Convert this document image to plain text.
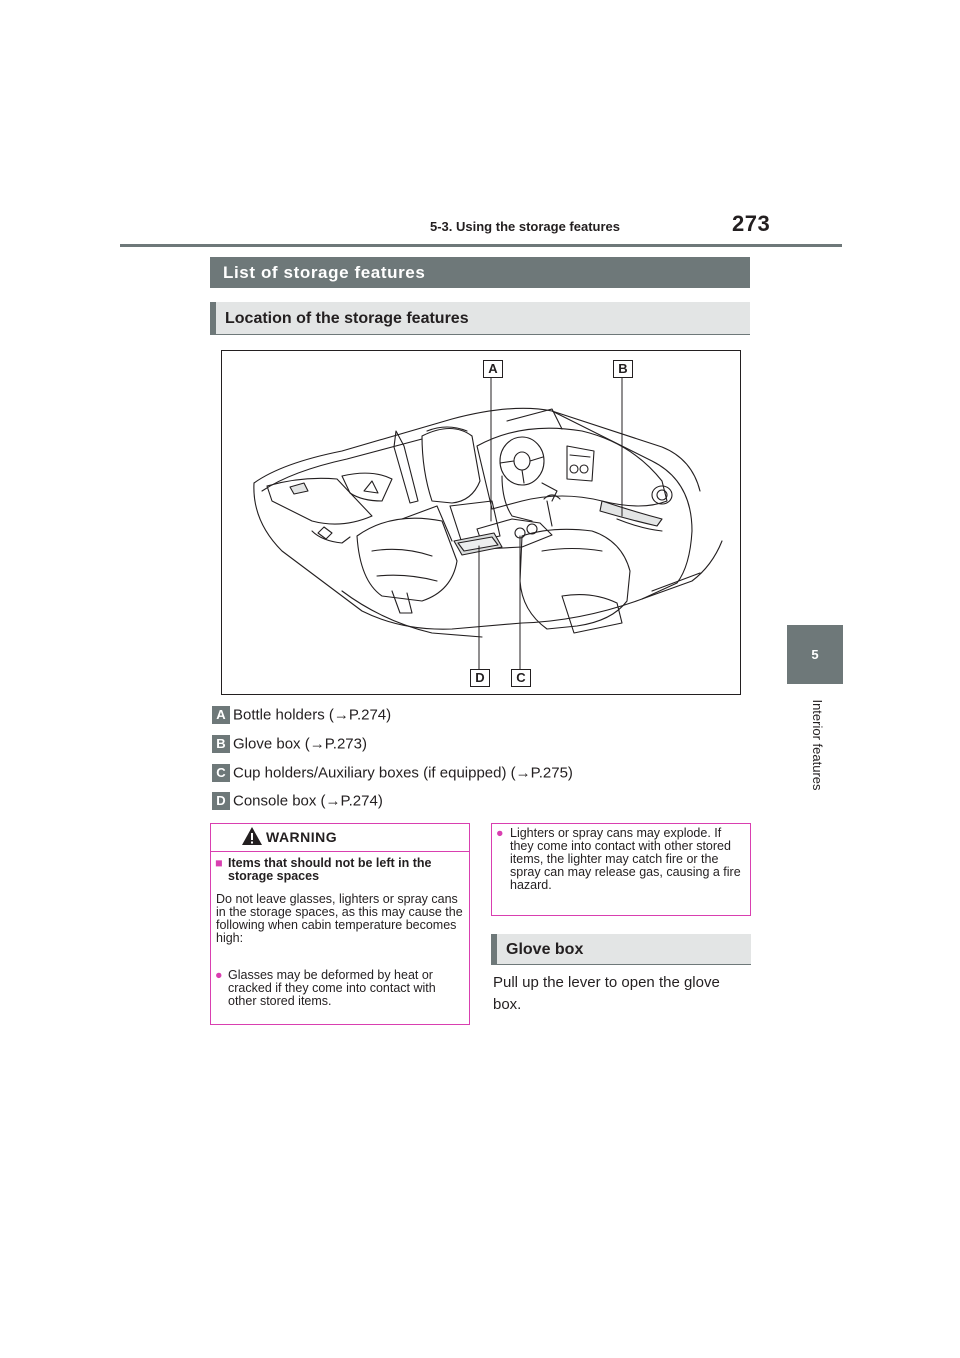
5-3. Using the storage features	273
5
Interior features
List of storage features
Location of the storage features
A	B
D	C
A Bottle holders (→P.274)
B Glove box (→P.273)
C Cup holders/Auxiliary boxes (if equipped) (→P.275)
D Console box (→P.274)
WARNING
■ Items that should not be left in the storage spaces
Do not leave glasses, lighters or spray cans in the storage spaces, as this may cause the following when cabin temperature becomes high:
● Glasses may be deformed by heat or cracked if they come into contact with other stored items.
● Lighters or spray cans may explode. If they come into contact with other stored items, the lighter may catch fire or the spray can may release gas, causing a fire hazard.
Glove box
Pull up the lever to open the glove box.
